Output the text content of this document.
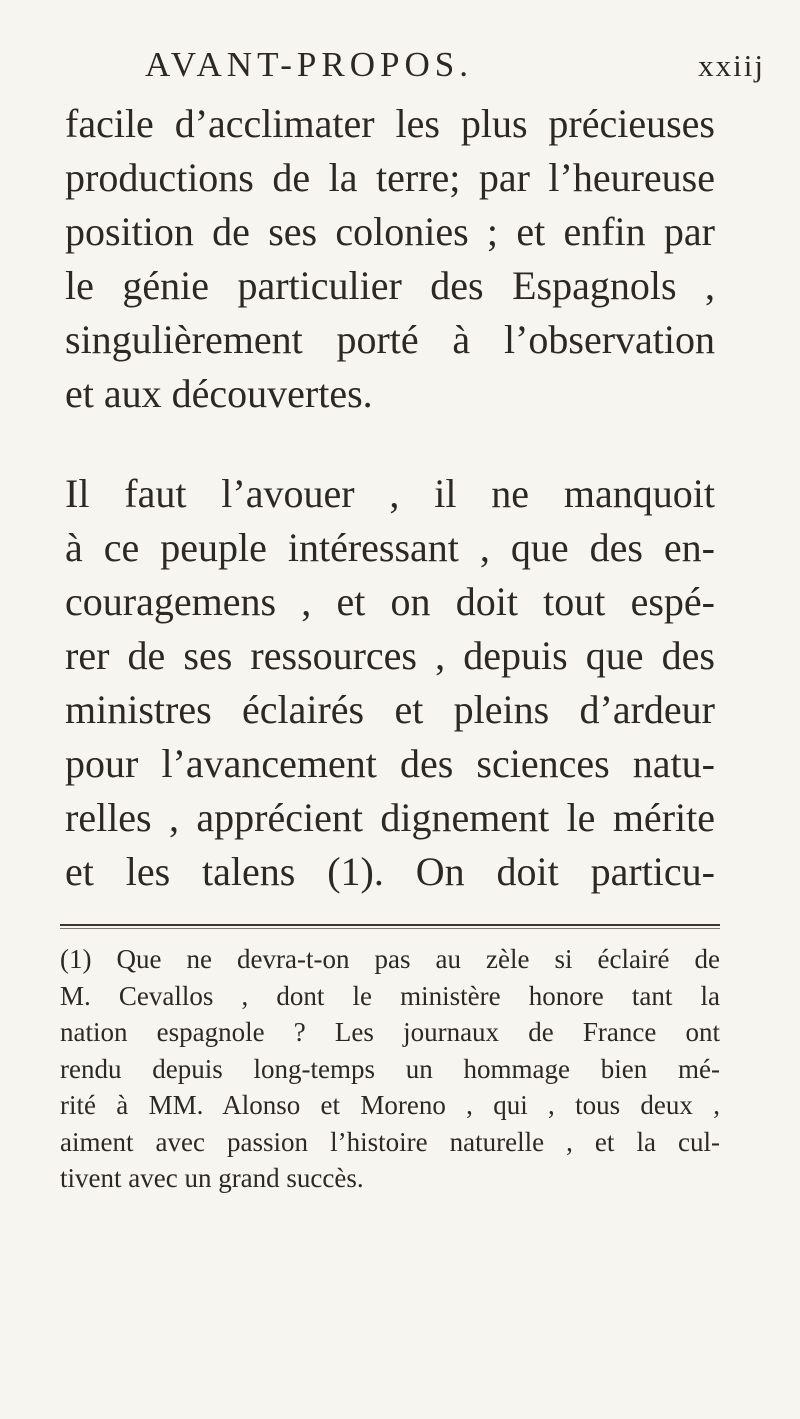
AVANT-PROPOS.	xxiij
facile d’acclimater les plus précieuses
productions de la terre; par l’heureuse
position de ses colonies ; et enfin par
le génie particulier des Espagnols ,
singulièrement porté à l’observation
et aux découvertes.
Il faut l’avouer , il ne manquoit
à ce peuple intéressant , que des en-
couragemens , et on doit tout espé-
rer de ses ressources , depuis que des
ministres éclairés et pleins d’ardeur
pour l’avancement des sciences natu-
relles , apprécient dignement le mérite
et les talens (1). On doit particu-
(1) Que ne devra-t-on pas au zèle si éclairé de
M. Cevallos , dont le ministère honore tant la
nation espagnole ? Les journaux de France ont
rendu depuis long-temps un hommage bien mé-
rité à MM. Alonso et Moreno , qui , tous deux ,
aiment avec passion l’histoire naturelle , et la cul-
tivent avec un grand succès.
